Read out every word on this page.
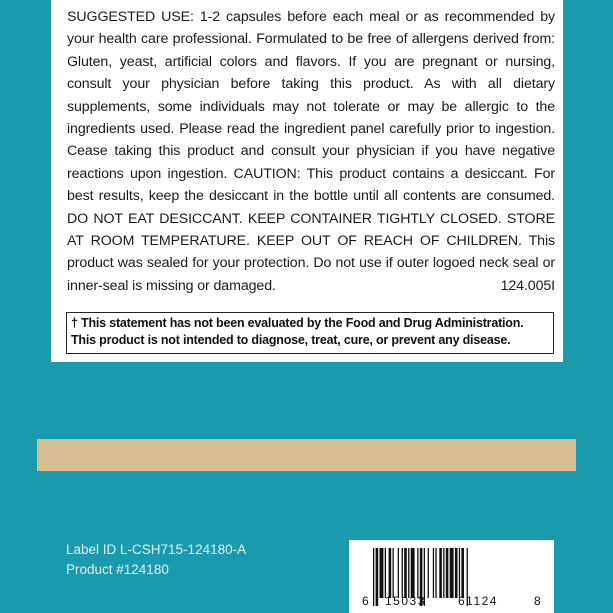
SUGGESTED USE: 1-2 capsules before each meal or as recommended by
your health care professional. Formulated to be free of allergens derived from:
Gluten, yeast, artificial colors and flavors. If you are pregnant or nursing,
consult your physician before taking this product. As with all dietary
supplements, some individuals may not tolerate or may be allergic to the
ingredients used. Please read the ingredient panel carefully prior to ingestion.
Cease taking this product and consult your physician if you have negative
reactions upon ingestion. CAUTION: This product contains a desiccant. For
best results, keep the desiccant in the bottle until all contents are consumed.
DO NOT EAT DESICCANT. KEEP CONTAINER TIGHTLY CLOSED. STORE
AT ROOM TEMPERATURE. KEEP OUT OF REACH OF CHILDREN. This
product was sealed for your protection. Do not use if outer logoed neck seal or
inner-seal is missing or damaged.	124.005I
† This statement has not been evaluated by the Food and Drug Administration.
This product is not intended to diagnose, treat, cure, or prevent any disease.
Label ID L-CSH715-124180-A
Product #124180
6 15033	61124	8
